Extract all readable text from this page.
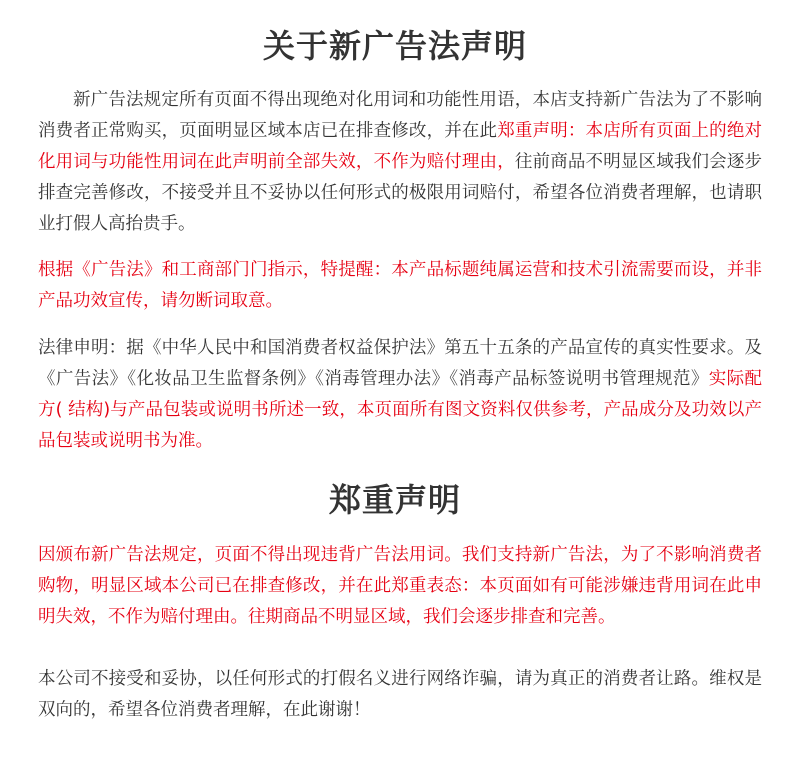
关于新广告法声明

新广告法规定所有页面不得出现绝对化用词和功能性用语，本店支持新广告法为了不影响消费者正常购买，页面明显区域本店已在排查修改，并在此郑重声明：本店所有页面上的绝对化用词与功能性用词在此声明前全部失效，不作为赔付理由，往前商品不明显区域我们会逐步排查完善修改，不接受并且不妥协以任何形式的极限用词赔付，希望各位消费者理解，也请职业打假人高抬贵手。

根据《广告法》和工商部门门指示，特提醒：本产品标题纯属运营和技术引流需要而设，并非产品功效宣传，请勿断词取意。

法律申明：据《中华人民中和国消费者权益保护法》第五十五条的产品宣传的真实性要求。及《广告法》《化妆品卫生监督条例》《消毒管理办法》《消毒产品标签说明书管理规范》实际配方( 结构)与产品包装或说明书所述一致，本页面所有图文资料仅供参考，产品成分及功效以产品包装或说明书为准。

郑重声明

因颁布新广告法规定，页面不得出现违背广告法用词。我们支持新广告法，为了不影响消费者购物，明显区域本公司已在排查修改，并在此郑重表态：本页面如有可能涉嫌违背用词在此申明失效，不作为赔付理由。往期商品不明显区域，我们会逐步排查和完善。

本公司不接受和妥协，以任何形式的打假名义进行网络诈骗，请为真正的消费者让路。维权是双向的，希望各位消费者理解，在此谢谢！
